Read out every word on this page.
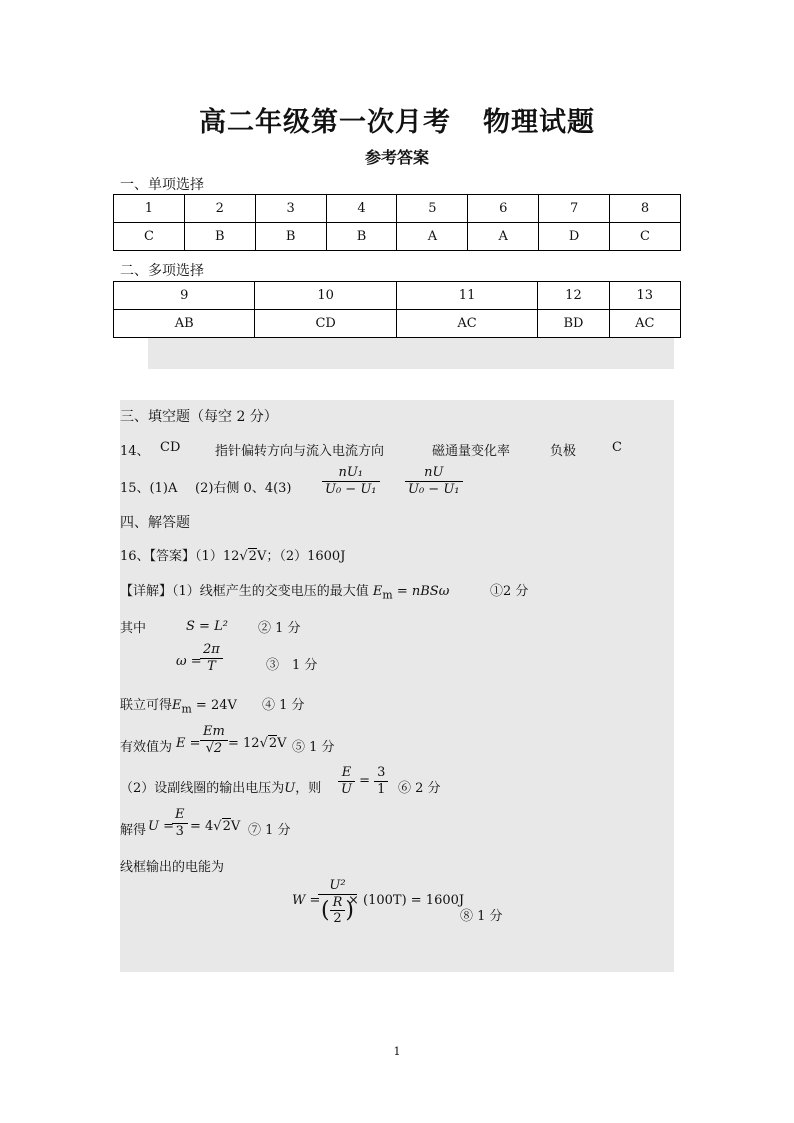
高二年级第一次月考 物理试题
参考答案
一、单项选择
1	2	3	4	5	6	7	8
C	B	B	B	A	A	D	C
二、多项选择
9	10	11	12	13
AB	CD	AC	BD	AC
三、填空题（每空 2 分）
14、 CD	指针偏转方向与流入电流方向	磁通量变化率	负极	C
15、(1)A (2)右侧 0、$4(3) \frac{\text{nU₁}}{\text{U₀ − U₁}} \frac{nU}{\text{U₀ − U₁}}$
四、解答题
16、【答案】（1）12√2V；（2）1600J
【详解】（1）线框产生的交变电压的最大值 $E_m = nBS\omega$	①2 分
其中	S = L² ② 1 分
ω =
$\frac{2\pi}{T}$	③　1 分
联立可得$E_m = 24V$ ④ 1 分
有效值为 $E = \frac{Em}{√2} = 12√2V$ ⑤ 1 分
（2）设副线圈的输出电压为U，则 $\frac{E}{U} = \frac{3}{1}$ ⑥ 2 分
解得 U =
$\frac{E}{3} = 4√2V$ ⑦ 1 分
线框输出的电能为
W =
$\frac{\text{U²}}{( \frac{R}{2} )}$
× (100T) = 1600J
⑧ 1 分
1
